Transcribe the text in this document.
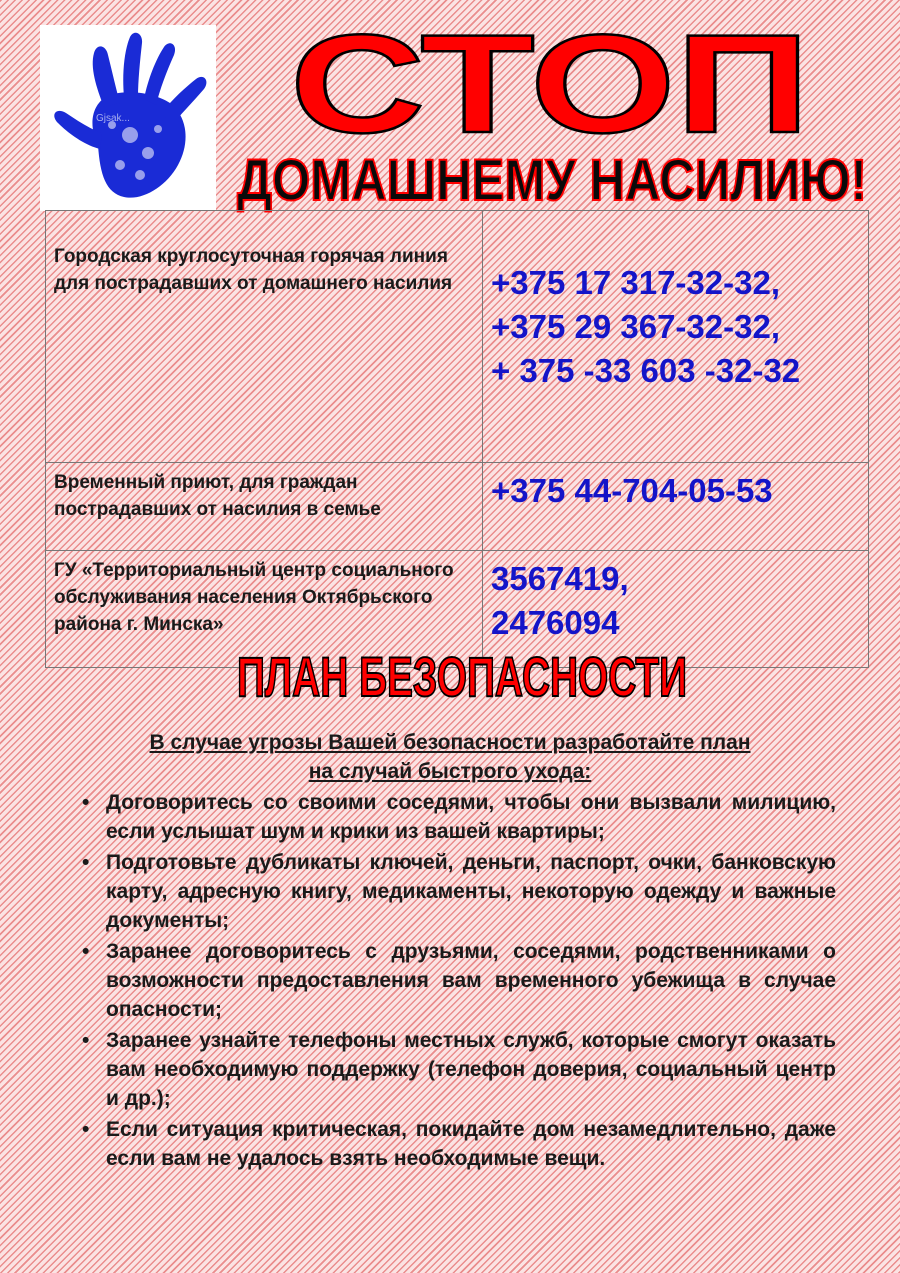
Gjsak... СТОП
ДОМАШНЕМУ НАСИЛИЮ!
Городская круглосуточная горячая линия для пострадавших от домашнего насилия	+375 17 317-32-32,
+375 29 367-32-32,
+ 375 -33 603 -32-32

Временный приют, для граждан пострадавших от насилия в семье	+375 44-704-05-53

ГУ «Территориальный центр социального обслуживания населения Октябрьского района г. Минска»	3567419,
2476094
ПЛАН БЕЗОПАСНОСТИ
В случае угрозы Вашей безопасности разработайте план
на случай быстрого ухода:
• Договоритесь со своими соседями, чтобы они вызвали милицию, если услышат шум и крики из вашей квартиры;
• Подготовьте дубликаты ключей, деньги, паспорт, очки, банковскую карту, адресную книгу, медикаменты, некоторую одежду и важные документы;
• Заранее договоритесь с друзьями, соседями, родственниками о возможности предоставления вам временного убежища в случае опасности;
• Заранее узнайте телефоны местных служб, которые смогут оказать вам необходимую поддержку (телефон доверия, социальный центр и др.);
• Если ситуация критическая, покидайте дом незамедлительно, даже если вам не удалось взять необходимые вещи.
